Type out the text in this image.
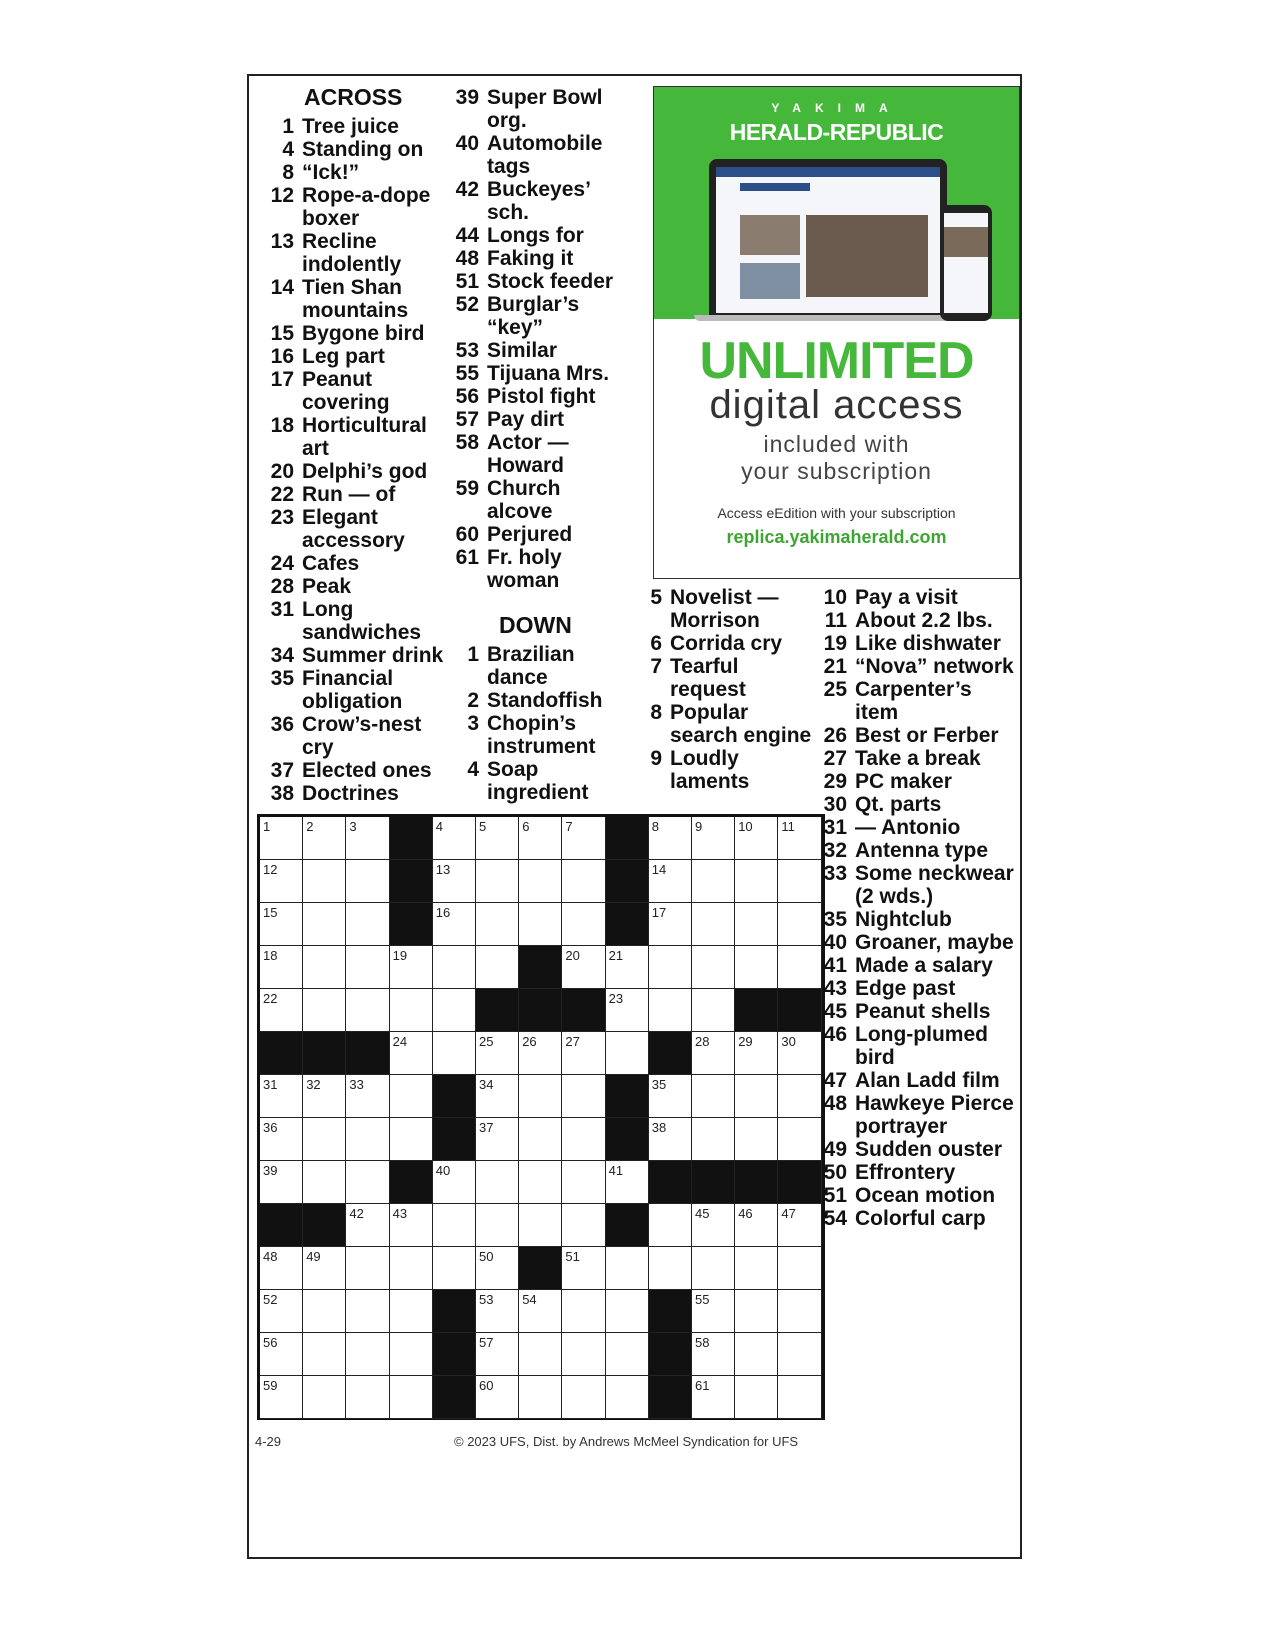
ACROSS
1 Tree juice
4 Standing on
8 “Ick!”
12 Rope-a-dope boxer
13 Recline indolently
14 Tien Shan mountains
15 Bygone bird
16 Leg part
17 Peanut covering
18 Horticultural art
20 Delphi’s god
22 Run — of
23 Elegant accessory
24 Cafes
28 Peak
31 Long sandwiches
34 Summer drink
35 Financial obligation
36 Crow’s-nest cry
37 Elected ones
38 Doctrines
39 Super Bowl org.
40 Automobile tags
42 Buckeyes’ sch.
44 Longs for
48 Faking it
51 Stock feeder
52 Burglar’s “key”
53 Similar
55 Tijuana Mrs.
56 Pistol fight
57 Pay dirt
58 Actor — Howard
59 Church alcove
60 Perjured
61 Fr. holy woman
DOWN
1 Brazilian dance
2 Standoffish
3 Chopin’s instrument
4 Soap ingredient
5 Novelist — Morrison
6 Corrida cry
7 Tearful request
8 Popular search engine
9 Loudly laments
10 Pay a visit
11 About 2.2 lbs.
19 Like dishwater
21 “Nova” network
25 Carpenter’s item
26 Best or Ferber
27 Take a break
29 PC maker
30 Qt. parts
31 — Antonio
32 Antenna type
33 Some neckwear (2 wds.)
35 Nightclub
40 Groaner, maybe
41 Made a salary
43 Edge past
45 Peanut shells
46 Long-plumed bird
47 Alan Ladd film
48 Hawkeye Pierce portrayer
49 Sudden ouster
50 Effrontery
51 Ocean motion
54 Colorful carp
YAKIMA
HERALD-REPUBLIC
UNLIMITED
digital access
included with
your subscription
Access eEdition with your subscription
replica.yakimaherald.com
1	2	3	4	5	6	7	8	9	10 11
12	13	14
15	16	17
18	19	20 21
22	23
24	25 26 27	28 29 30
31 32 33	34	35
36	37	38
39	40	41
42 43	45 46 47
48 49	50	51
52	53 54	55
56	57	58
59	60	61
4-29	© 2023 UFS, Dist. by Andrews McMeel Syndication for UFS
